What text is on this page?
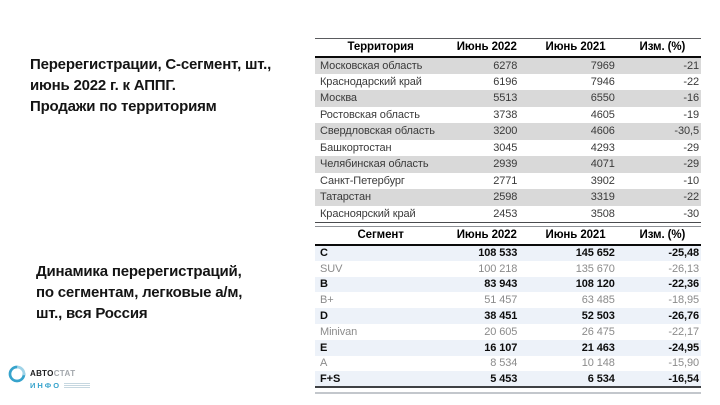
Перерегистрации, С-сегмент, шт.,
июнь 2022 г. к АППГ.
Продажи по территориям
Динамика перерегистраций,
по сегментам, легковые а/м,
шт., вся Россия
Территория	Июнь 2022	Июнь 2021	Изм. (%)
Московская область	6278	7969	-21
Краснодарский край	6196	7946	-22
Москва	5513	6550	-16
Ростовская область	3738	4605	-19
Свердловская область	3200	4606	-30,5
Башкортостан	3045	4293	-29
Челябинская область	2939	4071	-29
Санкт-Петербург	2771	3902	-10
Татарстан	2598	3319	-22
Красноярский край	2453	3508	-30
Сегмент	Июнь 2022	Июнь 2021	Изм. (%)
C	108 533	145 652	-25,48
SUV	100 218	135 670	-26,13
B	83 943	108 120	-22,36
B+	51 457	63 485	-18,95
D	38 451	52 503	-26,76
Minivan	20 605	26 475	-22,17
E	16 107	21 463	-24,95
A	8 534	10 148	-15,90
F+S	5 453	6 534	-16,54
АВТОСТАТ
ИНФО
